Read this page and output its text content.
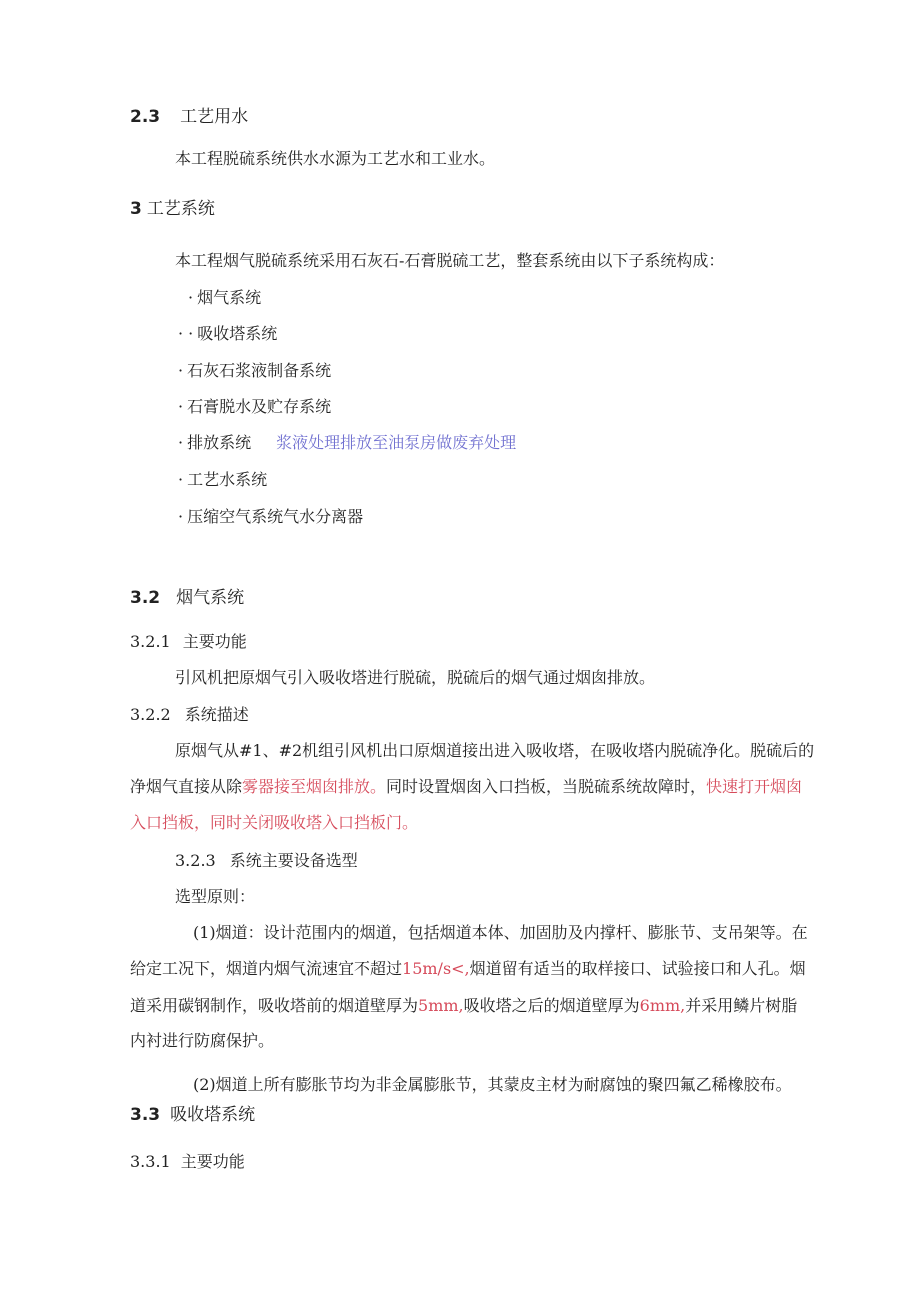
2.3 工艺用水
本工程脱硫系统供水水源为工艺水和工业水。
3 工艺系统
本工程烟气脱硫系统采用石灰石-石膏脱硫工艺，整套系统由以下子系统构成：
· 烟气系统
· · 吸收塔系统
· 石灰石浆液制备系统
· 石膏脱水及贮存系统
· 排放系统 浆液处理排放至油泵房做废弃处理
· 工艺水系统
· 压缩空气系统气水分离器
3.2 烟气系统
3.2.1 主要功能
引风机把原烟气引入吸收塔进行脱硫，脱硫后的烟气通过烟囱排放。
3.2.2 系统描述
原烟气从#1、#2机组引风机出口原烟道接出进入吸收塔，在吸收塔内脱硫净化。脱硫后的
净烟气直接从除雾器接至烟囱排放。同时设置烟囱入口挡板，当脱硫系统故障时，快速打开烟囱
入口挡板，同时关闭吸收塔入口挡板门。
3.2.3 系统主要设备选型
选型原则：
(1)烟道：设计范围内的烟道，包括烟道本体、加固肋及内撑杆、膨胀节、支吊架等。在
给定工况下，烟道内烟气流速宜不超过15m/s<,烟道留有适当的取样接口、试验接口和人孔。烟
道采用碳钢制作，吸收塔前的烟道壁厚为5mm,吸收塔之后的烟道壁厚为6mm,并采用鳞片树脂
内衬进行防腐保护。
(2)烟道上所有膨胀节均为非金属膨胀节，其蒙皮主材为耐腐蚀的聚四氟乙稀橡胶布。
3.3 吸收塔系统
3.3.1 主要功能
